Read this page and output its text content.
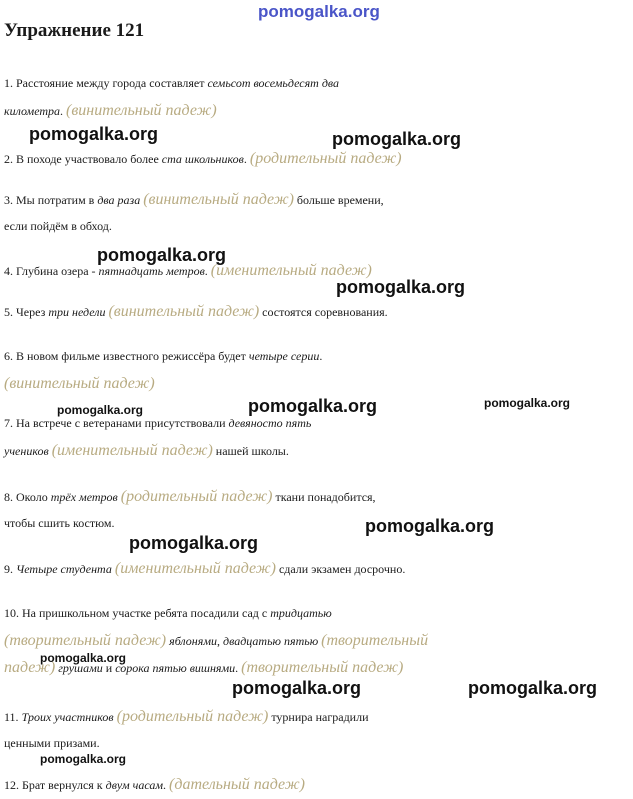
pomogalka.org
Упражнение 121
1. Расстояние между города составляет семьсот восемьдесят два
километра. (винительный падеж)
2. В походе участвовало более ста школьников. (родительный падеж)
3. Мы потратим в два раза (винительный падеж) больше времени,
если пойдём в обход.
4. Глубина озера - пятнадцать метров. (именительный падеж)
5. Через три недели (винительный падеж) состоятся соревнования.
6. В новом фильме известного режиссёра будет четыре серии.
(винительный падеж)
7. На встрече с ветеранами присутствовали девяносто пять
учеников (именительный падеж) нашей школы.
8. Около трёх метров (родительный падеж) ткани понадобится,
чтобы сшить костюм.
9. Четыре студента (именительный падеж) сдали экзамен досрочно.
10. На пришкольном участке ребята посадили сад с тридцатью
(творительный падеж) яблонями, двадцатью пятью (творительный
падеж) грушами и сорока пятью вишнями. (творительный падеж)
11. Троих участников (родительный падеж) турнира наградили
ценными призами.
12. Брат вернулся к двум часам. (дательный падеж)
pomogalka.org	pomogalka.org
pomogalka.org
pomogalka.org
pomogalka.org	pomogalka.org	pomogalka.org
pomogalka.org
pomogalka.org
pomogalka.org
pomogalka.org	pomogalka.org
pomogalka.org
